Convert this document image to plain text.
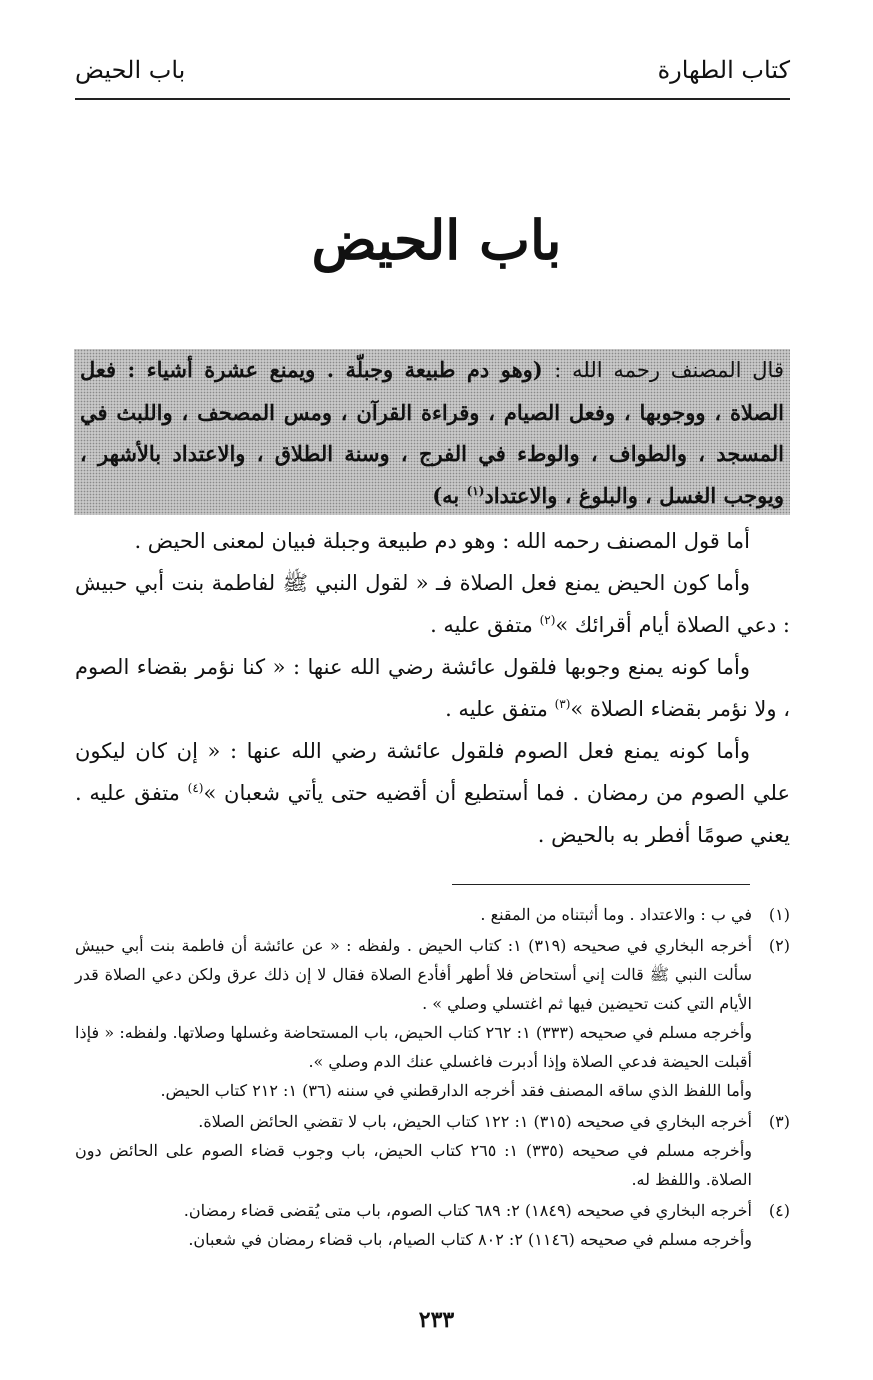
كتاب الطهارة
باب الحيض
باب الحيض
قال المصنف رحمه الله : (وهو دم طبيعة وجبلّة . ويمنع عشرة أشياء : فعل الصلاة ، ووجوبها ، وفعل الصيام ، وقراءة القرآن ، ومس المصحف ، واللبث في المسجد ، والطواف ، والوطء في الفرج ، وسنة الطلاق ، والاعتداد بالأشهر ، ويوجب الغسل ، والبلوغ ، والاعتداد$^{(١)}$ به)

أما قول المصنف رحمه الله : وهو دم طبيعة وجبلة فبيان لمعنى الحيض .

وأما كون الحيض يمنع فعل الصلاة فـ « لقول النبي ﷺ لفاطمة بنت أبي حبيش : دعي الصلاة أيام أقرائك »$^{(٢)}$ متفق عليه .

وأما كونه يمنع وجوبها فلقول عائشة رضي الله عنها : « كنا نؤمر بقضاء الصوم ، ولا نؤمر بقضاء الصلاة »$^{(٣)}$ متفق عليه .

وأما كونه يمنع فعل الصوم فلقول عائشة رضي الله عنها : « إن كان ليكون علي الصوم من رمضان . فما أستطيع أن أقضيه حتى يأتي شعبان »$^{(٤)}$ متفق عليه . يعني صومًا أفطر به بالحيض .

(١)
في ب : والاعتداد . وما أثبتناه من المقنع .
(٢)
أخرجه البخاري في صحيحه (٣١٩) ١: كتاب الحيض . ولفظه : « عن عائشة أن فاطمة بنت أبي حبيش سألت النبي ﷺ قالت إني أستحاض فلا أطهر أفأدع الصلاة فقال لا إن ذلك عرق ولكن دعي الصلاة قدر الأيام التي كنت تحيضين فيها ثم اغتسلي وصلي » .
وأخرجه مسلم في صحيحه (٣٣٣) ١: ٢٦٢ كتاب الحيض، باب المستحاضة وغسلها وصلاتها. ولفظه: « فإذا أقبلت الحيضة فدعي الصلاة وإذا أدبرت فاغسلي عنك الدم وصلي ».
وأما اللفظ الذي ساقه المصنف فقد أخرجه الدارقطني في سننه (٣٦) ١: ٢١٢ كتاب الحيض.
(٣)
أخرجه البخاري في صحيحه (٣١٥) ١: ١٢٢ كتاب الحيض، باب لا تقضي الحائض الصلاة.
وأخرجه مسلم في صحيحه (٣٣٥) ١: ٢٦٥ كتاب الحيض، باب وجوب قضاء الصوم على الحائض دون الصلاة. واللفظ له.
(٤)
أخرجه البخاري في صحيحه (١٨٤٩) ٢: ٦٨٩ كتاب الصوم، باب متى يُقضى قضاء رمضان.
وأخرجه مسلم في صحيحه (١١٤٦) ٢: ٨٠٢ كتاب الصيام، باب قضاء رمضان في شعبان.
٢٣٣
